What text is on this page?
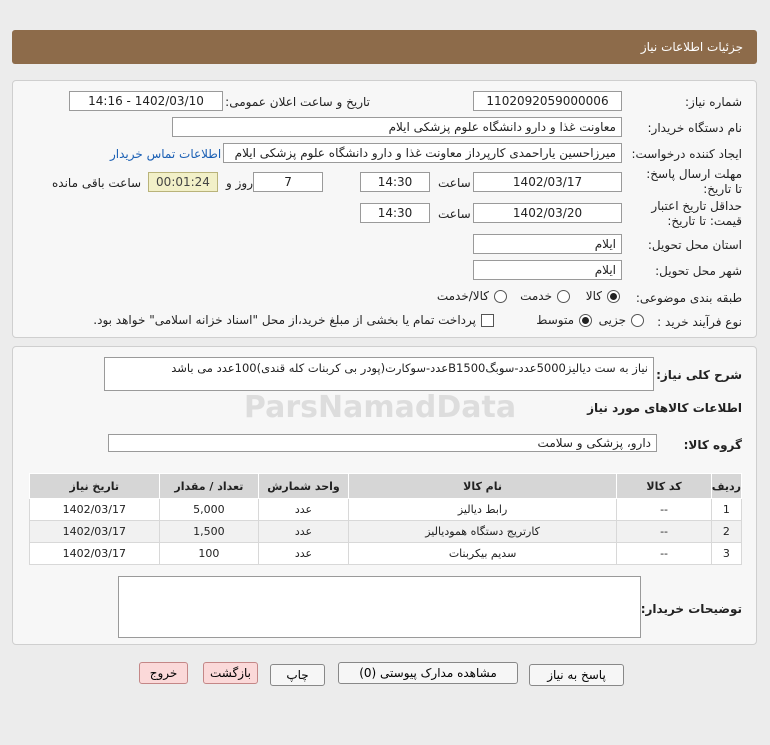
جزئیات اطلاعات نیاز
شماره نیاز:
1102092059000006
تاریخ و ساعت اعلان عمومی:
1402/03/10 - 14:16
نام دستگاه خریدار:
معاونت غذا و دارو دانشگاه علوم پزشکی ایلام
ایجاد کننده درخواست:
میرزاحسین یاراحمدی کارپرداز معاونت غذا و دارو دانشگاه علوم پزشکی ایلام
اطلاعات تماس خریدار
مهلت ارسال پاسخ: تا تاریخ:
1402/03/17
ساعت
14:30
7
روز و
00:01:24
ساعت باقی مانده
حداقل تاریخ اعتبار قیمت: تا تاریخ:
1402/03/20
ساعت
14:30
استان محل تحویل:
ایلام
شهر محل تحویل:
ایلام
طبقه بندی موضوعی:
کالا
خدمت
کالا/خدمت
نوع فرآیند خرید :
جزیی
متوسط
پرداخت تمام یا بخشی از مبلغ خرید،از محل "اسناد خزانه اسلامی" خواهد بود.
شرح کلی نیاز:
نیاز به ست دیالیز5000عدد-سوبگB1500عدد-سوکارت(پودر بی کربنات کله قندی)100عدد می باشد
اطلاعات کالاهای مورد نیاز
گروه کالا:
دارو، پزشکی و سلامت
ردیف	کد کالا	نام کالا	واحد شمارش	تعداد / مقدار	تاریخ نیاز
1	--	رابط دیالیز	عدد	5,000	1402/03/17
2	--	کارتریج دستگاه همودیالیز	عدد	1,500	1402/03/17
3	--	سدیم بیکربنات	عدد	100	1402/03/17
توضیحات خریدار:
ParsNamadData
پاسخ به نیاز
مشاهده مدارک پیوستی (0)
چاپ
بازگشت
خروج
